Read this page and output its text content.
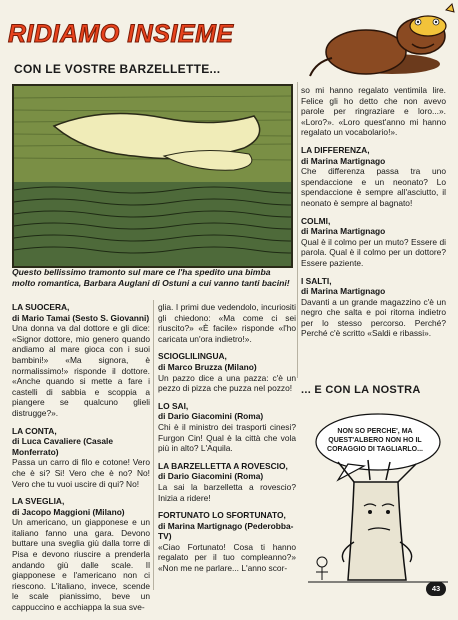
RIDIAMO INSIEME
CON LE VOSTRE BARZELLETTE...
Questo bellissimo tramonto sul mare ce l'ha spedito una bimba molto romantica, Barbara Auglani di Ostuni a cui vanno tanti bacini!
LA SUOCERA,
di Mario Tamai (Sesto S. Giovanni)

Una donna va dal dottore e gli dice: «Signor dottore, mio genero quando andiamo al mare gioca con i suoi bambini!» «Ma signora, è normalissimo!» risponde il dottore. «Anche quando si mette a fare i castelli di sabbia e scoppia a piangere se qualcuno glieli distrugge?».

LA CONTA,
di Luca Cavaliere (Casale Monferrato)

Passa un carro di filo e cotone! Vero che è si? Si! Vero che è no? No! Vero che tu vuoi uscire di qui? No!

LA SVEGLIA,
di Jacopo Maggioni (Milano)

Un americano, un giapponese e un italiano fanno una gara. Devono buttare una sveglia giù dalla torre di Pisa e devono riuscire a prenderla andando giù dalle scale. Il giapponese e l'americano non ci riescono. L'italiano, invece, scende le scale pianissimo, beve un cappuccino e acchiappa la sua sve-

glia. I primi due vedendolo, incuriositi gli chiedono: «Ma come ci sei riuscito?» «È facile» risponde «l'ho caricata un'ora indietro!».

SCIOGLILINGUA,
di Marco Bruzza (Milano)

Un pazzo dice a una pazza: c'è un pezzo di pizza che puzza nel pozzo!

LO SAI,
di Dario Giacomini (Roma)

Chi è il ministro dei trasporti cinesi? Furgon Cin! Qual è la città che vola più in alto? L'Aquila.

LA BARZELLETTA A ROVESCIO,
di Dario Giacomini (Roma)

La sai la barzelletta a rovescio? Inizia a ridere!

FORTUNATO LO SFORTUNATO,
di Marina Martignago (Pederobba-TV)

«Ciao Fortunato! Cosa ti hanno regalato per il tuo compleanno?» «Non me ne parlare... L'anno scor-

so mi hanno regalato ventimila lire. Felice gli ho detto che non avevo parole per ringraziare e loro...». «Loro?». «Loro quest'anno mi hanno regalato un vocabolario!».

LA DIFFERENZA,
di Marina Martignago

Che differenza passa tra uno spendaccione e un neonato? Lo spendaccione è sempre all'asciutto, il neonato è sempre al bagnato!

COLMI,
di Marina Martignago

Qual è il colmo per un muto? Essere di parola. Qual è il colmo per un dottore? Essere paziente.

I SALTI,
di Marina Martignago

Davanti a un grande magazzino c'è un negro che salta e poi ritorna indietro per lo stesso percorso. Perché? Perché c'è scritto «Saldi e ribassi».

... E CON LA NOSTRA
NON SO PERCHE', MA QUEST'ALBERO NON HO IL CORAGGIO DI TAGLIARLO...
43
